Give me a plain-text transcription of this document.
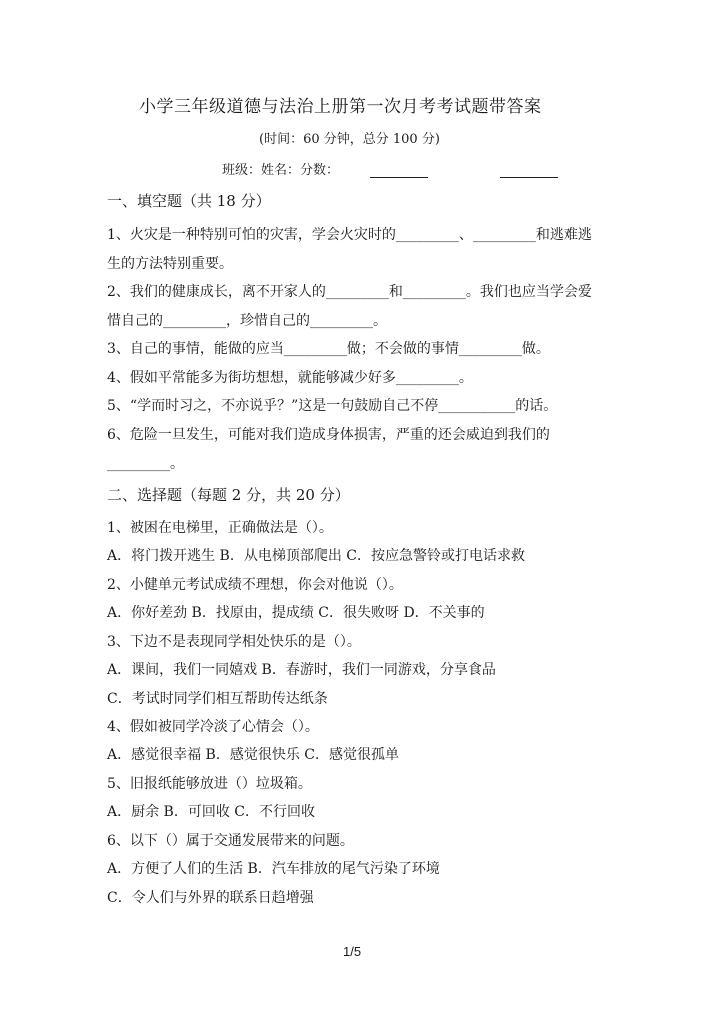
小学三年级道德与法治上册第一次月考考试题带答案
(时间：60 分钟，总分 100 分)
班级：姓名：分数：
一、填空题（共 18 分）
1、火灾是一种特别可怕的灾害，学会火灾时的_________、_________和逃难逃
生的方法特别重要。
2、我们的健康成长，离不开家人的_________和_________。我们也应当学会爱
惜自己的_________，珍惜自己的_________。
3、自己的事情，能做的应当_________做；不会做的事情_________做。
4、假如平常能多为街坊想想，就能够减少好多_________。
5、“学而时习之，不亦说乎？”这是一句鼓励自己不停___________的话。
6、危险一旦发生，可能对我们造成身体损害，严重的还会威迫到我们的
_________。
二、选择题（每题 2 分，共 20 分）
1、被困在电梯里，正确做法是（）。
A．将门拨开逃生 B．从电梯顶部爬出 C．按应急警铃或打电话求救
2、小健单元考试成绩不理想，你会对他说（）。
A．你好差劲 B．找原由，提成绩 C．很失败呀 D．不关事的
3、下边不是表现同学相处快乐的是（）。
A．课间，我们一同嬉戏 B．春游时，我们一同游戏，分享食品
C．考试时同学们相互帮助传达纸条
4、假如被同学冷淡了心情会（）。
A．感觉很幸福 B．感觉很快乐 C．感觉很孤单
5、旧报纸能够放进（）垃圾箱。
A．厨余 B．可回收 C．不行回收
6、以下（）属于交通发展带来的问题。
A．方便了人们的生活 B．汽车排放的尾气污染了环境
C．令人们与外界的联系日趋增强
1/5
